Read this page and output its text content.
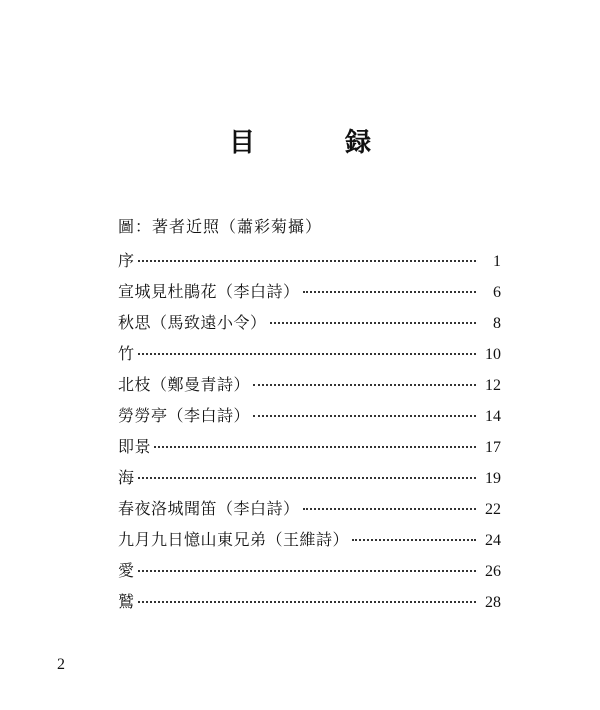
目　録

圖：著者近照（蕭彩菊攝）

序	1
宣城見杜鵑花（李白詩）	6
秋思（馬致遠小令）	8
竹	10
北枝（鄭曼青詩）	12
勞勞亭（李白詩）	14
即景	17
海	19
春夜洛城聞笛（李白詩）	22
九月九日憶山東兄弟（王維詩）	24
愛	26
鷲	28

2
